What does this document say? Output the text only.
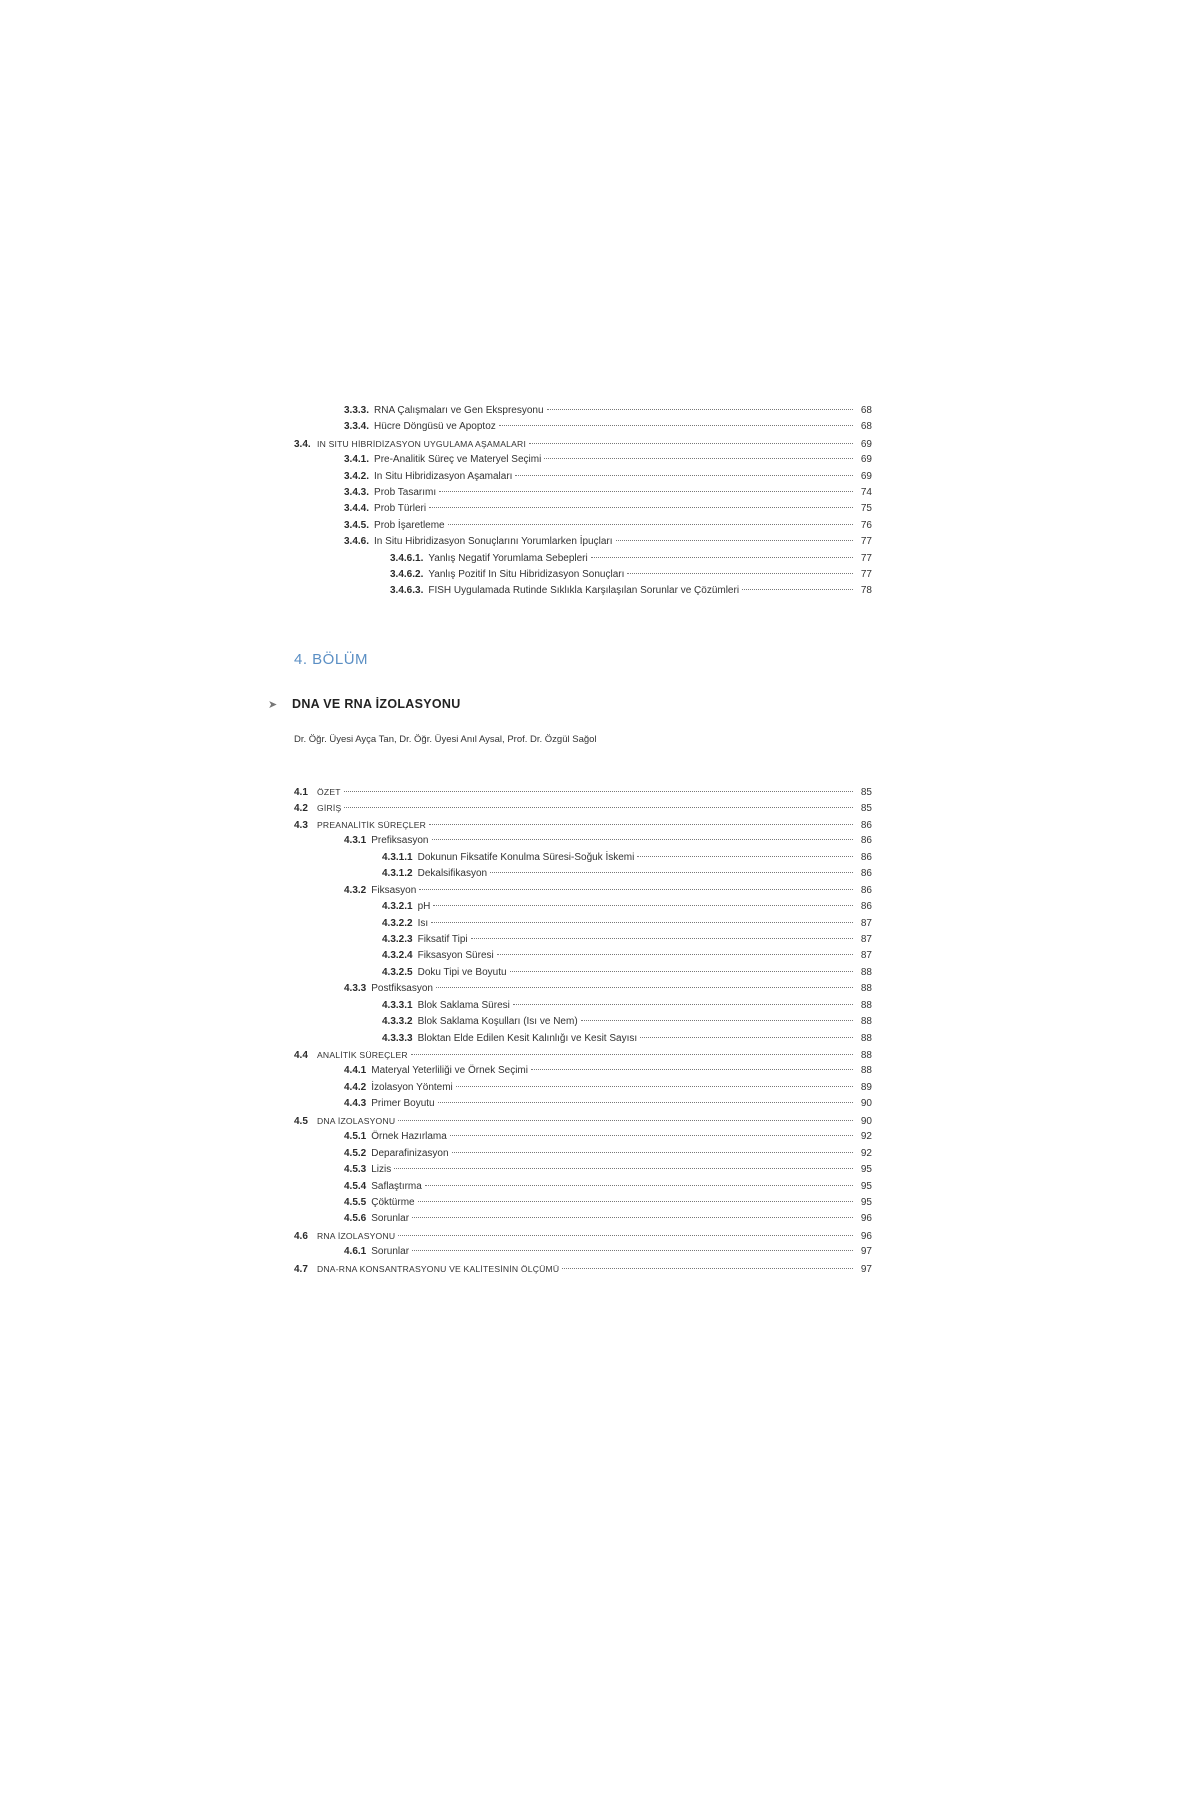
3.3.3. RNA Çalışmaları ve Gen Ekspresyonu	68
3.3.4. Hücre Döngüsü ve Apoptoz	68
3.4. IN SITU HİBRİDİZASYON UYGULAMA AŞAMALARI	69
3.4.1. Pre-Analitik Süreç ve Materyel Seçimi	69
3.4.2. In Situ Hibridizasyon Aşamaları	69
3.4.3. Prob Tasarımı	74
3.4.4. Prob Türleri	75
3.4.5. Prob İşaretleme	76
3.4.6. In Situ Hibridizasyon Sonuçlarını Yorumlarken İpuçları	77
3.4.6.1. Yanlış Negatif Yorumlama Sebepleri	77
3.4.6.2. Yanlış Pozitif In Situ Hibridizasyon Sonuçları	77
3.4.6.3. FISH Uygulamada Rutinde Sıklıkla Karşılaşılan Sorunlar ve Çözümleri	78
4. BÖLÜM
➤	DNA VE RNA İZOLASYONU
Dr. Öğr. Üyesi Ayça Tan, Dr. Öğr. Üyesi Anıl Aysal, Prof. Dr. Özgül Sağol
4.1	ÖZET	85
4.2	GİRİŞ	85
4.3	PREANALİTİK SÜREÇLER	86
4.3.1 Prefiksasyon	86
4.3.1.1 Dokunun Fiksatife Konulma Süresi-Soğuk İskemi	86
4.3.1.2 Dekalsifikasyon	86
4.3.2 Fiksasyon	86
4.3.2.1 pH	86
4.3.2.2 Isı	87
4.3.2.3 Fiksatif Tipi	87
4.3.2.4 Fiksasyon Süresi	87
4.3.2.5 Doku Tipi ve Boyutu	88
4.3.3 Postfiksasyon	88
4.3.3.1 Blok Saklama Süresi	88
4.3.3.2 Blok Saklama Koşulları (Isı ve Nem)	88
4.3.3.3 Bloktan Elde Edilen Kesit Kalınlığı ve Kesit Sayısı	88
4.4	ANALİTİK SÜREÇLER	88
4.4.1 Materyal Yeterliliği ve Örnek Seçimi	88
4.4.2 İzolasyon Yöntemi	89
4.4.3 Primer Boyutu	90
4.5	DNA İZOLASYONU	90
4.5.1 Örnek Hazırlama	92
4.5.2 Deparafinizasyon	92
4.5.3 Lizis	95
4.5.4 Saflaştırma	95
4.5.5 Çöktürme	95
4.5.6 Sorunlar	96
4.6	RNA İZOLASYONU	96
4.6.1 Sorunlar	97
4.7	DNA-RNA KONSANTRASYONU VE KALİTESİNİN ÖLÇÜMÜ	97
